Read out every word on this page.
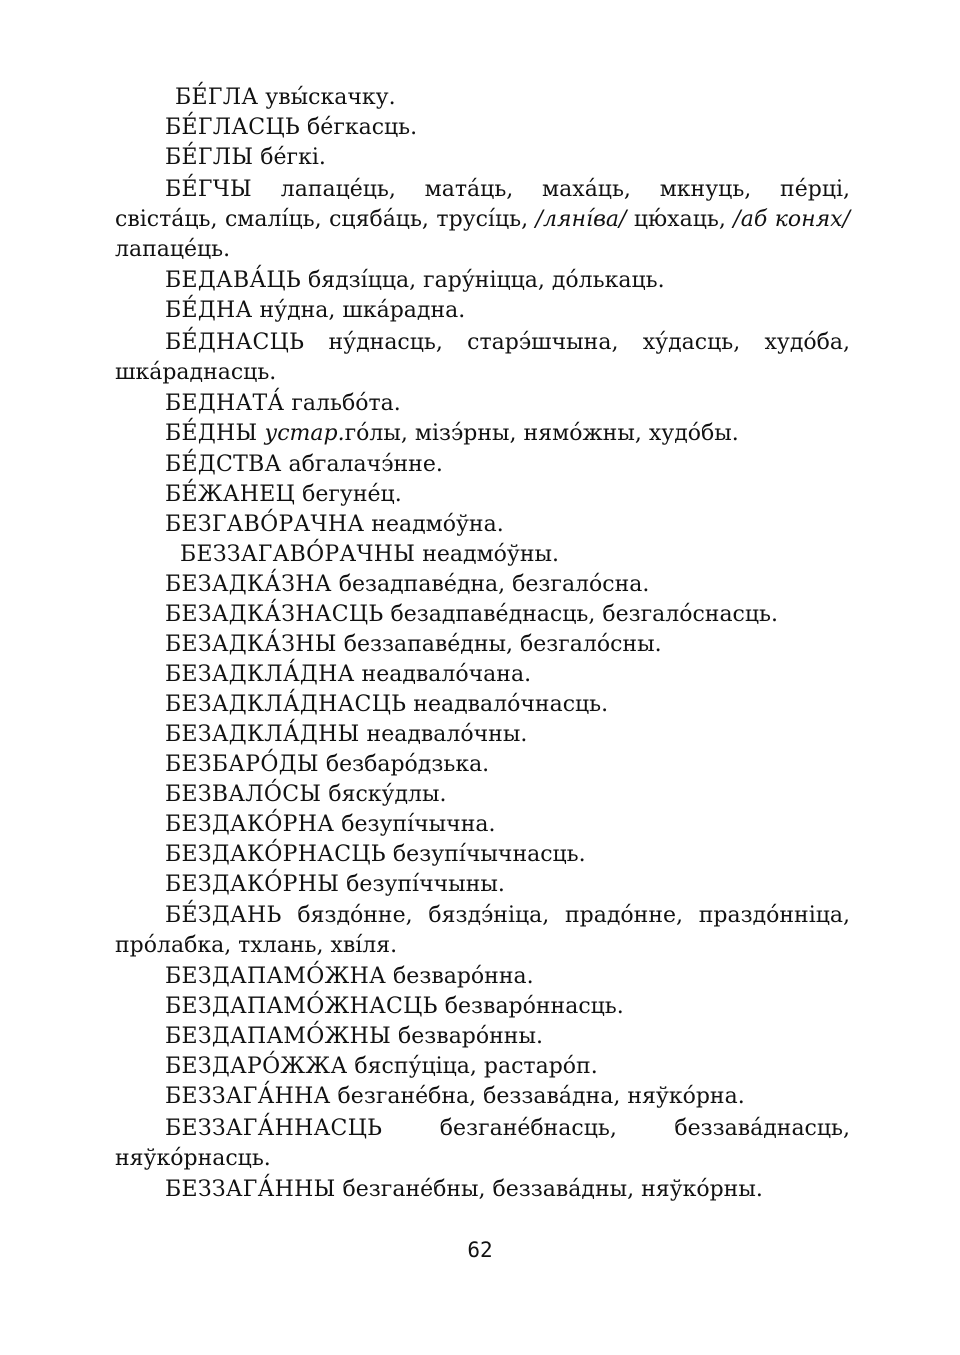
БЕ́ГЛА увы́скачку.
БЕ́ГЛАСЦЬ бе́гкасць.
БЕ́ГЛЫ бе́гкі.
БЕ́ГЧЫ лапаце́ць, мата́ць, маха́ць, мкнуць, пе́рці, свіста́ць, смалі́ць, сцяба́ць, трусі́ць, /ляні́ва/ цю́хаць, /аб конях/ лапаце́ць.
БЕДАВА́ЦЬ бядзі́цца, гару́ніцца, до́лькаць.
БЕ́ДНА ну́дна, шка́радна.
БЕ́ДНАСЦЬ ну́днасць, стаpэ́шчына, ху́дасць, худо́ба, шка́раднасць.
БЕДНАТА́ гальбо́та.
БЕ́ДНЫ устар.го́лы, мізэ́рны, нямо́жны, худо́бы.
БЕ́ДСТВА абгалачэ́нне.
БЕ́ЖАНЕЦ бегуне́ц.
БЕЗГАВО́РАЧНА неадмо́ўна.
БЕЗЗАГАВО́РАЧНЫ неадмо́ўны.
БЕЗАДКА́ЗНА безадпаве́дна, безгало́сна.
БЕЗАДКА́ЗНАСЦЬ безадпаве́днасць, безгало́снасць.
БЕЗАДКА́ЗНЫ беззапаве́дны, безгало́сны.
БЕЗАДКЛА́ДНА неадвало́чана.
БЕЗАДКЛА́ДНАСЦЬ неадвало́чнасць.
БЕЗАДКЛА́ДНЫ неадвало́чны.
БЕЗБАРО́ДЫ безбаро́дзька.
БЕЗВАЛО́СЫ бяску́длы.
БЕЗДАКО́РНА безупі́чычна.
БЕЗДАКО́РНАСЦЬ безупі́чычнасць.
БЕЗДАКО́РНЫ безупі́ччыны.
БЕ́ЗДАНЬ бяздо́нне, бяздэ́ніца, прадо́нне, праздо́нніца, про́лабка, тхлань, хві́ля.
БЕЗДАПАМО́ЖНА безваро́нна.
БЕЗДАПАМО́ЖНАСЦЬ безваро́ннасць.
БЕЗДАПАМО́ЖНЫ безваро́нны.
БЕЗДАРО́ЖЖА бяспу́ціца, растаро́п.
БЕЗЗАГА́ННА безгане́бна, беззава́дна, няўко́рна.
БЕЗЗАГА́ННАСЦЬ безгане́бнасць, беззава́днасць, няўко́рнасць.
БЕЗЗАГА́ННЫ безгане́бны, беззава́дны, няўко́рны.
62
